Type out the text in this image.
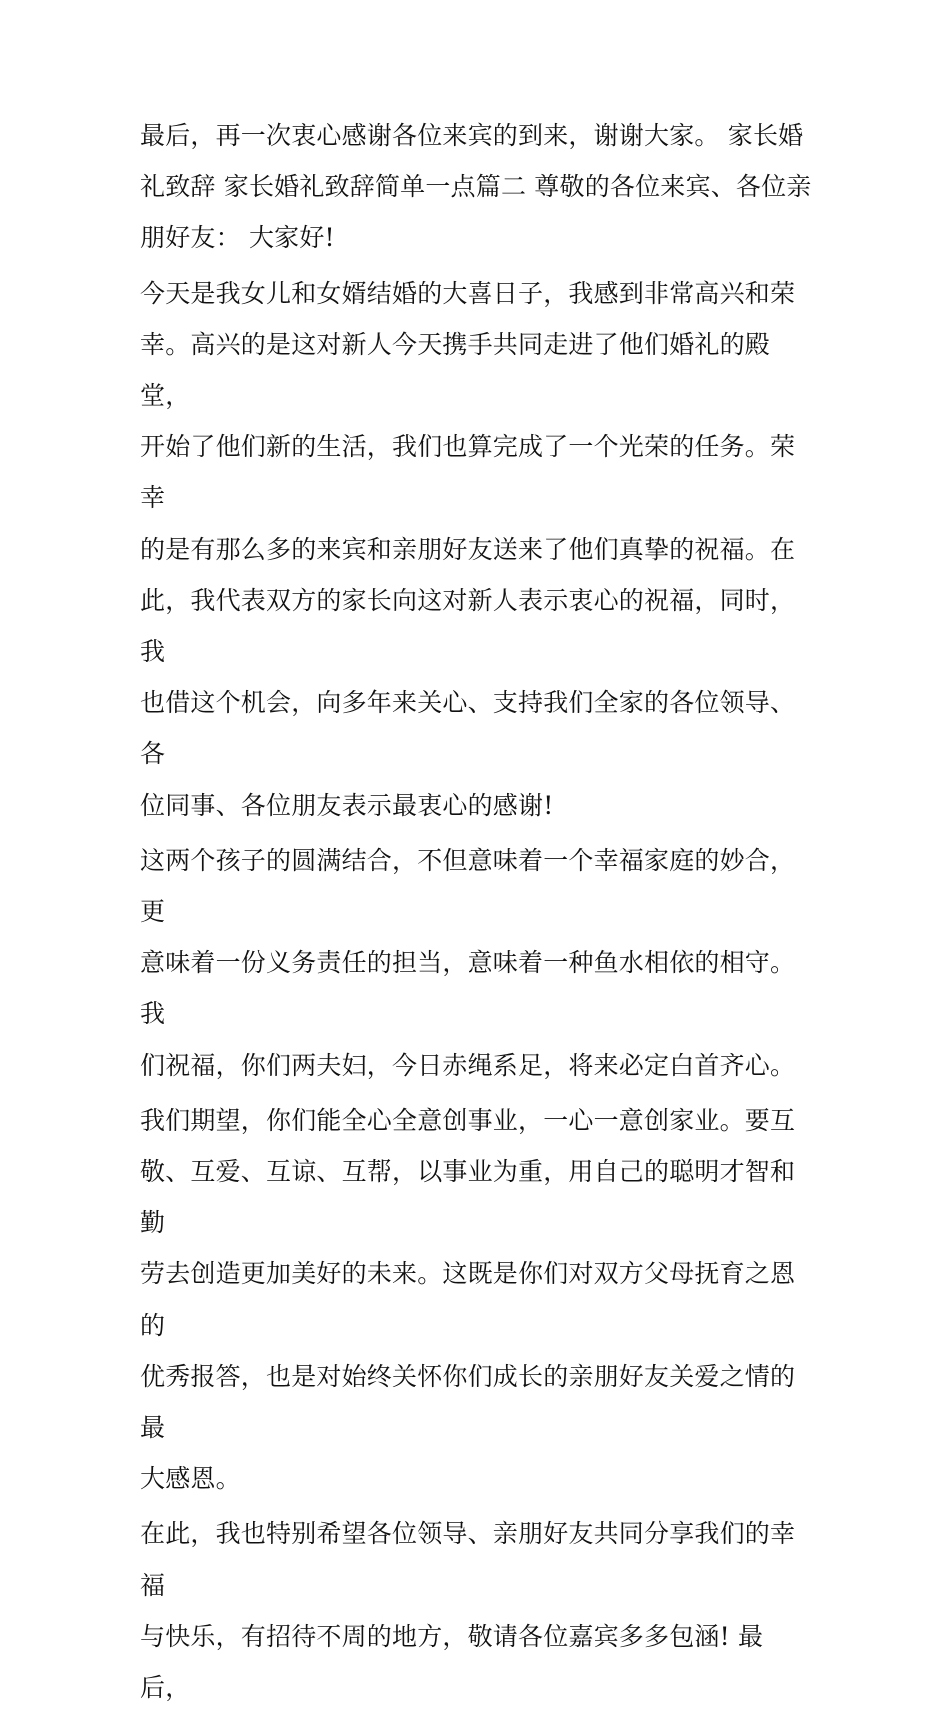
最后，再一次衷心感谢各位来宾的到来，谢谢大家。 家长婚
礼致辞 家长婚礼致辞简单一点篇二 尊敬的各位来宾、各位亲
朋好友： 大家好!

今天是我女儿和女婿结婚的大喜日子，我感到非常高兴和荣
幸。高兴的是这对新人今天携手共同走进了他们婚礼的殿堂，
开始了他们新的生活，我们也算完成了一个光荣的任务。荣幸
的是有那么多的来宾和亲朋好友送来了他们真挚的祝福。在
此，我代表双方的家长向这对新人表示衷心的祝福，同时，我
也借这个机会，向多年来关心、支持我们全家的各位领导、各
位同事、各位朋友表示最衷心的感谢!

这两个孩子的圆满结合，不但意味着一个幸福家庭的妙合，更
意味着一份义务责任的担当，意味着一种鱼水相依的相守。我
们祝福，你们两夫妇，今日赤绳系足，将来必定白首齐心。

我们期望，你们能全心全意创事业，一心一意创家业。要互
敬、互爱、互谅、互帮，以事业为重，用自己的聪明才智和勤
劳去创造更加美好的未来。这既是你们对双方父母抚育之恩的
优秀报答，也是对始终关怀你们成长的亲朋好友关爱之情的最
大感恩。

在此，我也特别希望各位领导、亲朋好友共同分享我们的幸福
与快乐，有招待不周的地方，敬请各位嘉宾多多包涵! 最后，
